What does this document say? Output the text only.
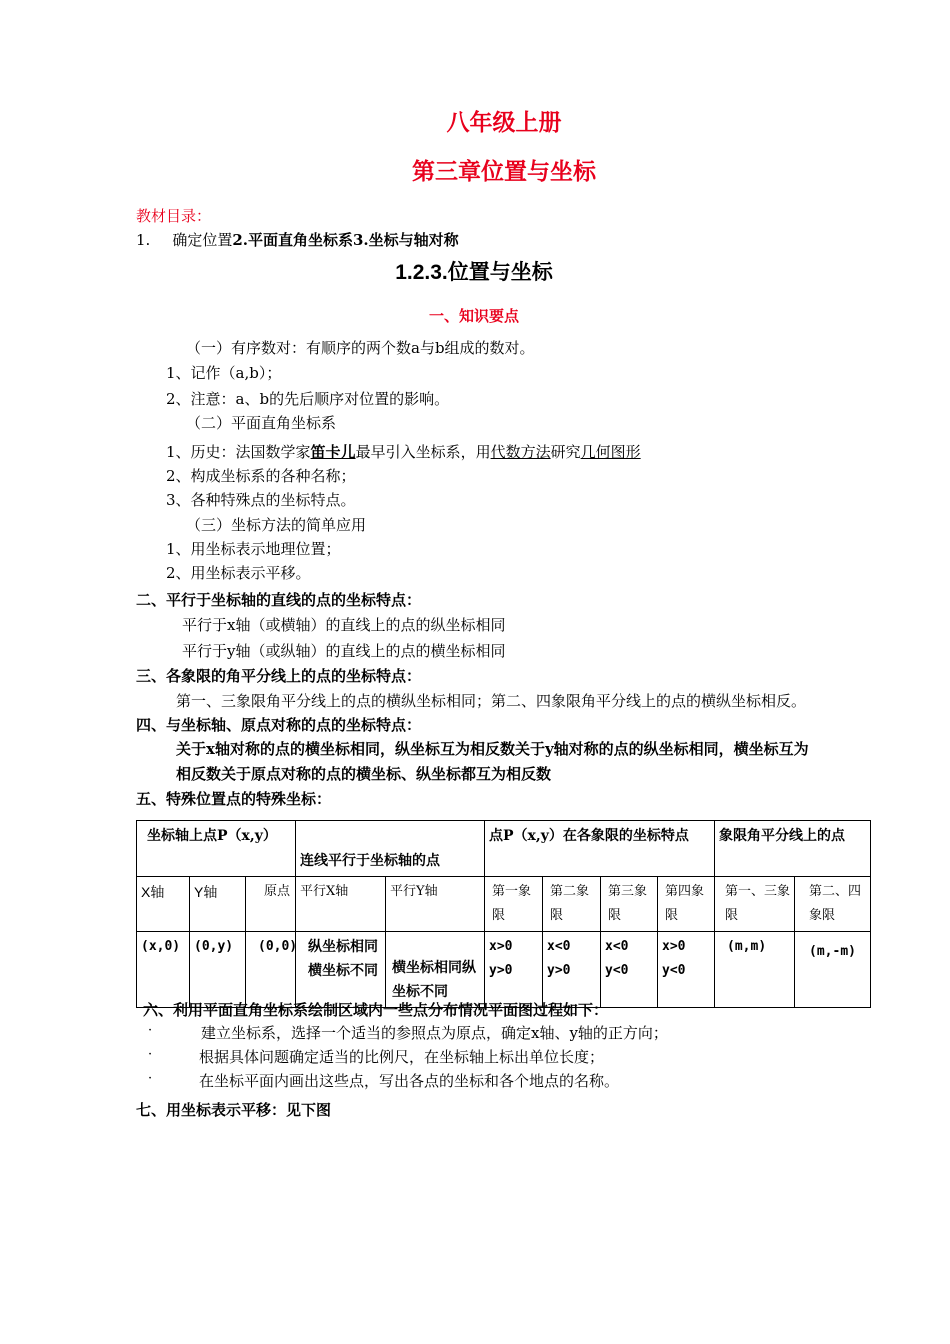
八年级上册
第三章位置与坐标
教材目录：
1. 确定位置2.平面直角坐标系3.坐标与轴对称
1.2.3.位置与坐标
一、知识要点
（一）有序数对：有顺序的两个数a与b组成的数对。
1、记作（a,b）；
2、注意：a、b的先后顺序对位置的影响。
（二）平面直角坐标系
1、历史：法国数学家笛卡儿最早引入坐标系，用代数方法研究几何图形
2、构成坐标系的各种名称；
3、各种特殊点的坐标特点。
（三）坐标方法的简单应用
1、用坐标表示地理位置；
2、用坐标表示平移。
二、平行于坐标轴的直线的点的坐标特点：
平行于x轴（或横轴）的直线上的点的纵坐标相同
平行于y轴（或纵轴）的直线上的点的横坐标相同
三、各象限的角平分线上的点的坐标特点：
第一、三象限角平分线上的点的横纵坐标相同；第二、四象限角平分线上的点的横纵坐标相反。
四、与坐标轴、原点对称的点的坐标特点：
关于x轴对称的点的横坐标相同，纵坐标互为相反数关于y轴对称的点的纵坐标相同，横坐标互为
相反数关于原点对称的点的横坐标、纵坐标都互为相反数
五、特殊位置点的特殊坐标：
坐标轴上点P（x,y）			连线平行于坐标轴的点		点P（x,y）在各象限的坐标特点				象限角平分线上的点	

X轴	Y轴	原点	平行X轴	平行Y轴	第一象限	第二象限	第三象限	第四象限	第一、三象限	第二、四象限
(x,0)	(0,y)	(0,0)	纵坐标相同横坐标不同	横坐标相同纵坐标不同	x>0 y>0	x<0 y>0	x<0 y<0	x>0 y<0	(m,m)	(m,-m)
六、利用平面直角坐标系绘制区域内一些点分布情况平面图过程如下：
·	建立坐标系，选择一个适当的参照点为原点，确定x轴、y轴的正方向；
·	根据具体问题确定适当的比例尺，在坐标轴上标出单位长度；
·	在坐标平面内画出这些点，写出各点的坐标和各个地点的名称。
七、用坐标表示平移：见下图
